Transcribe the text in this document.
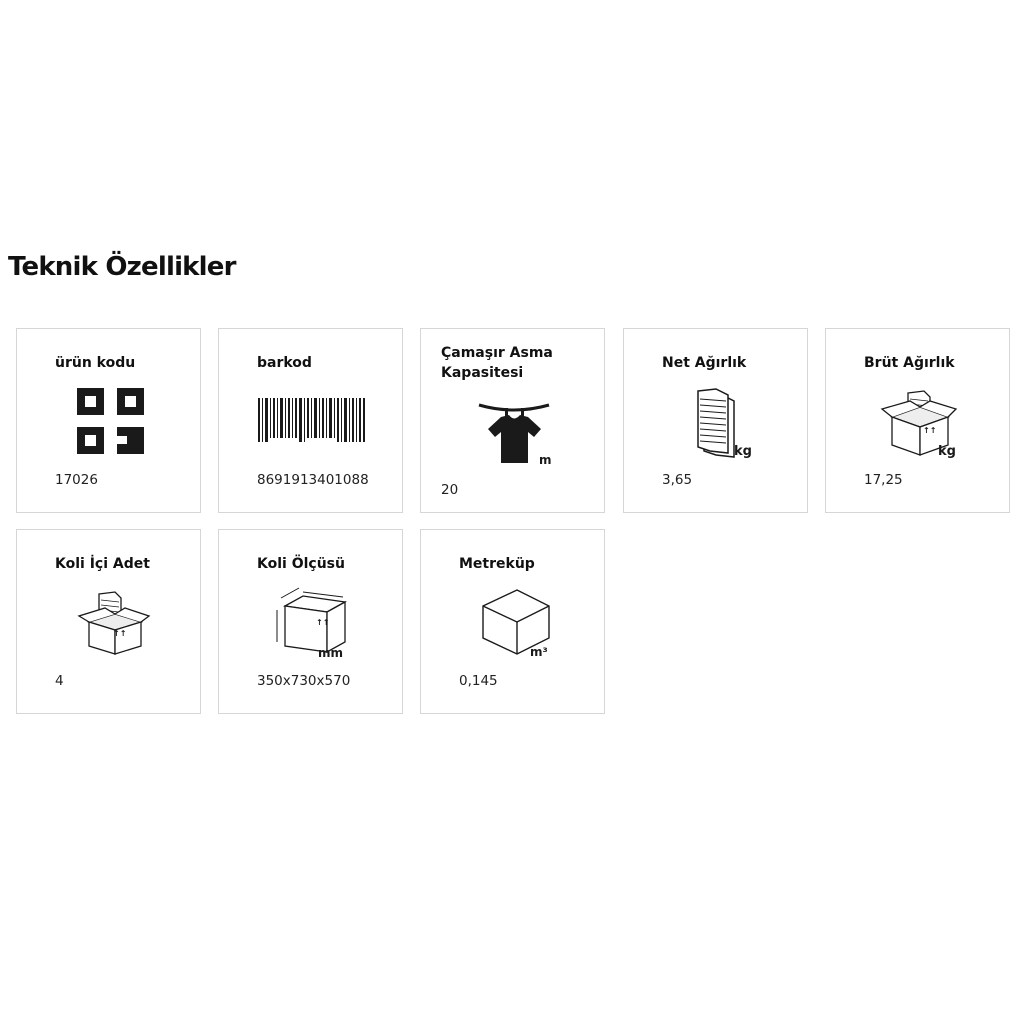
Teknik Özellikler
ürün kodu
17026
barkod
8691913401088
Çamaşır Asma Kapasitesi
m
20
Net Ağırlık
kg
3,65
Brüt Ağırlık
↑↑
kg
17,25
Koli İçi Adet
↑↑
4
Koli Ölçüsü
↑↑
mm
350x730x570
Metreküp
m³
0,145
